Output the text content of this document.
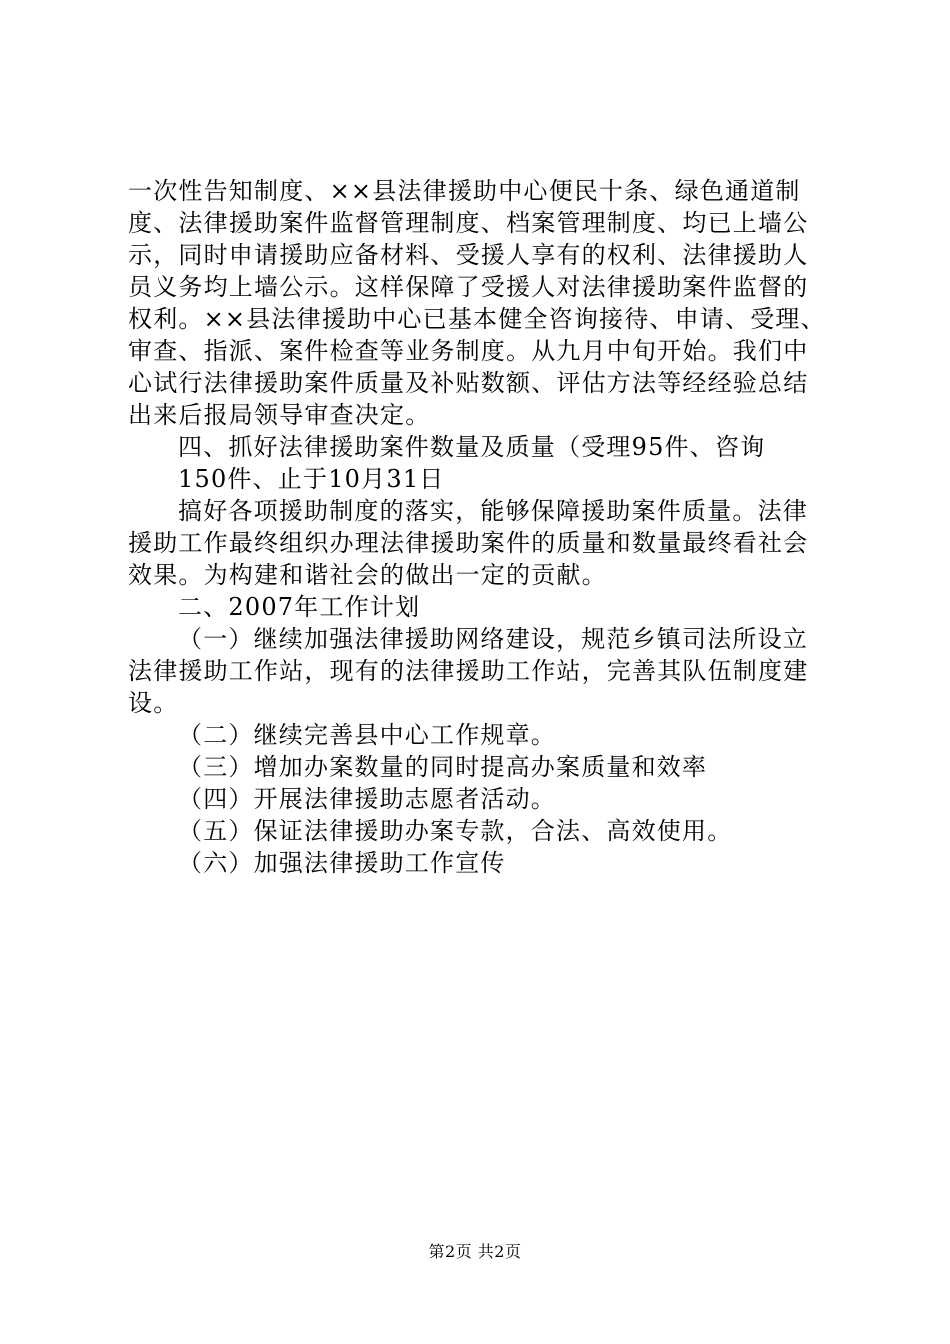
一次性告知制度、××县法律援助中心便民十条、绿色通道制
度、法律援助案件监督管理制度、档案管理制度、均已上墙公
示，同时申请援助应备材料、受援人享有的权利、法律援助人
员义务均上墙公示。这样保障了受援人对法律援助案件监督的
权利。××县法律援助中心已基本健全咨询接待、申请、受理、
审查、指派、案件检查等业务制度。从九月中旬开始。我们中
心试行法律援助案件质量及补贴数额、评估方法等经经验总结
出来后报局领导审查决定。
四、抓好法律援助案件数量及质量（受理95件、咨询
150件、止于10月31日
搞好各项援助制度的落实，能够保障援助案件质量。法律
援助工作最终组织办理法律援助案件的质量和数量最终看社会
效果。为构建和谐社会的做出一定的贡献。
二、2007年工作计划
（一）继续加强法律援助网络建设，规范乡镇司法所设立
法律援助工作站，现有的法律援助工作站，完善其队伍制度建
设。
（二）继续完善县中心工作规章。
（三）增加办案数量的同时提高办案质量和效率
（四）开展法律援助志愿者活动。
（五）保证法律援助办案专款，合法、高效使用。
（六）加强法律援助工作宣传
第2页 共2页
